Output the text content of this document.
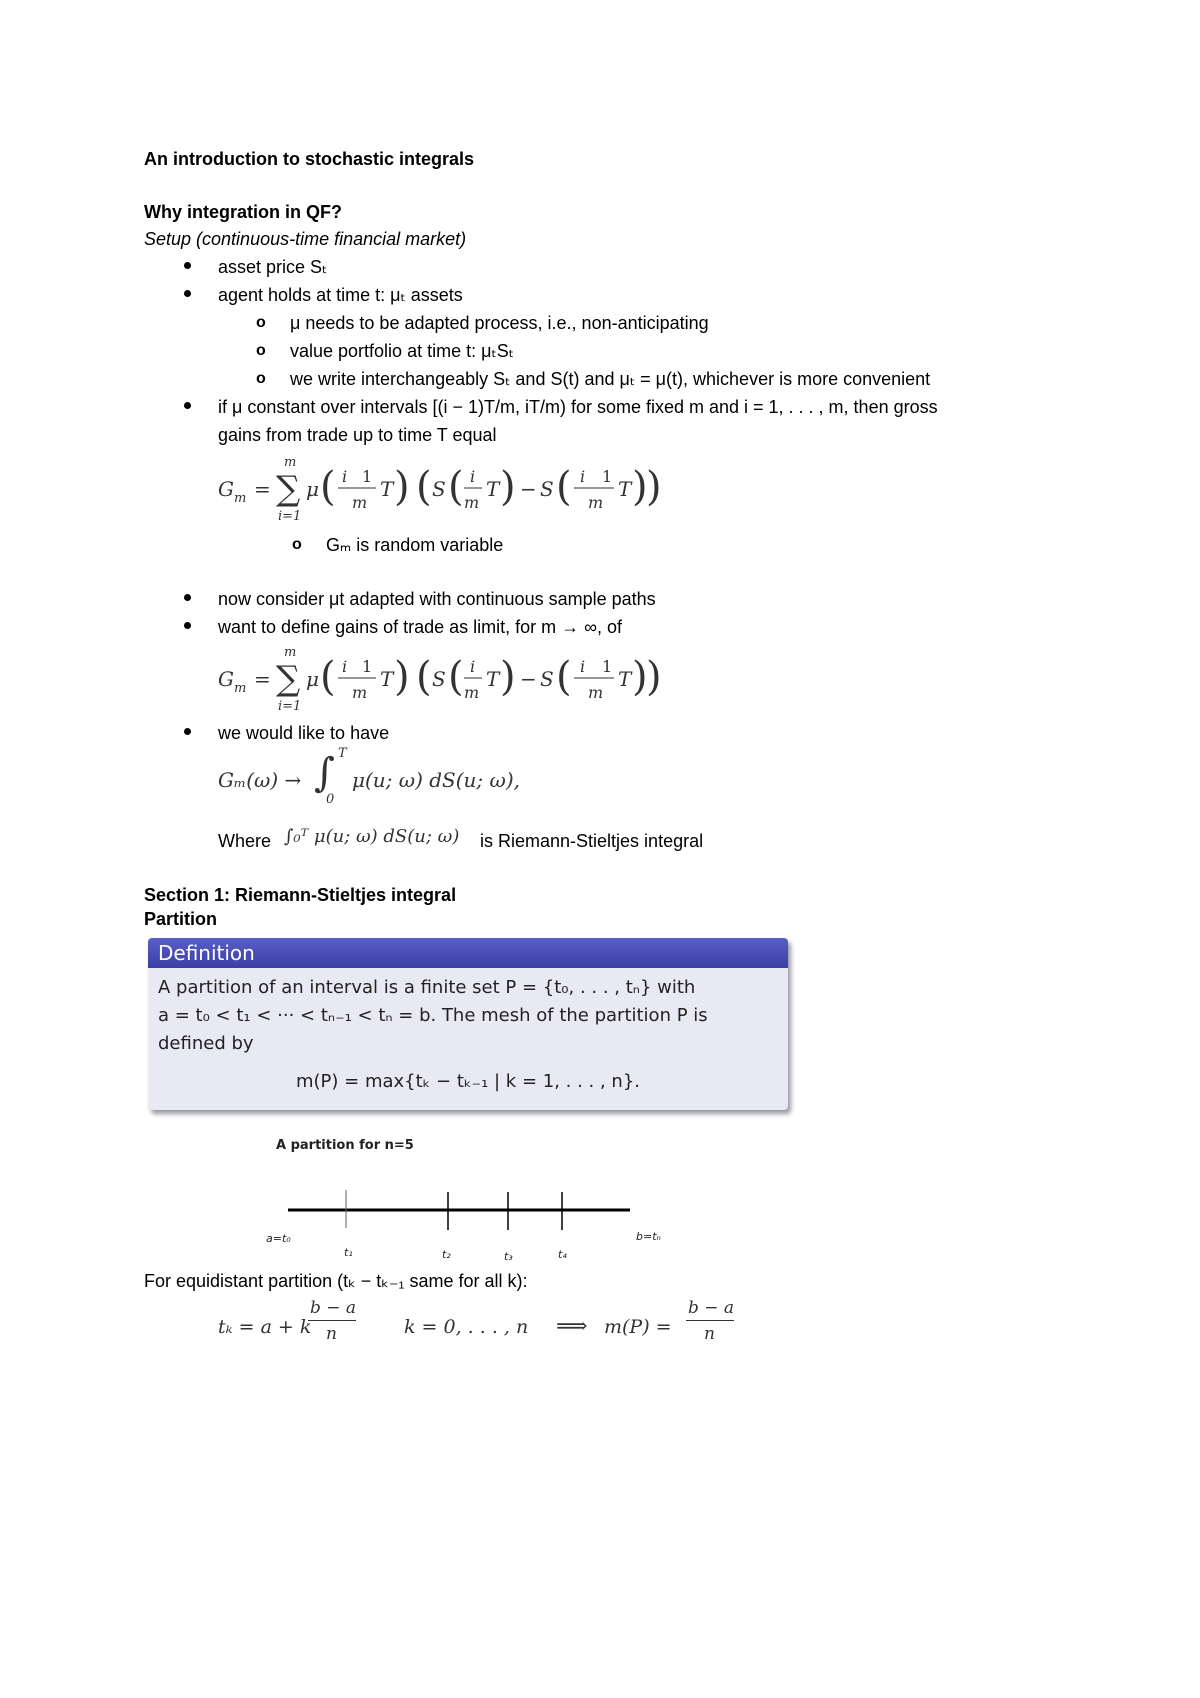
An introduction to stochastic integrals
Why integration in QF?
Setup (continuous-time financial market)
asset price Sₜ
agent holds at time t: μₜ assets
o μ needs to be adapted process, i.e., non-anticipating
o value portfolio at time t: μₜSₜ
o we write interchangeably Sₜ and S(t) and μₜ = μ(t), whichever is more convenient
if μ constant over intervals [(i − 1)T/m, iT/m) for some fixed m and i = 1, . . . , m, then gross
gains from trade up to time T equal
G m =
m
∑
i=1
μ ( i 1
m
T ) ( S ( i
m
T ) − S ( i 1
m
T )
)
o Gₘ is random variable
now consider μt adapted with continuous sample paths
want to define gains of trade as limit, for m → ∞, of
G m =
m
∑
i=1
μ ( i 1
m
T ) ( S ( i
m
T ) − S ( i 1
m
T )
)
we would like to have
Gₘ(ω) → ∫ T
0
μ(u; ω) dS(u; ω),
Where ∫₀ᵀ μ(u; ω) dS(u; ω) is Riemann-Stieltjes integral
Section 1: Riemann-Stieltjes integral
Partition
Definition
A partition of an interval is a finite set P = {t₀, . . . , tₙ} with
a = t₀ < t₁ < ··· < tₙ₋₁ < tₙ = b. The mesh of the partition P is
defined by
m(P) = max{tₖ − tₖ₋₁ | k = 1, . . . , n}.
A partition for n=5
a=t₀	b=tₙ
t₁	t₂	t₃	t₄
For equidistant partition (tₖ − tₖ₋₁ same for all k):
tₖ = a + k
b − a
n	k = 0, . . . , n ⟹ m(P) =
b − a
n
